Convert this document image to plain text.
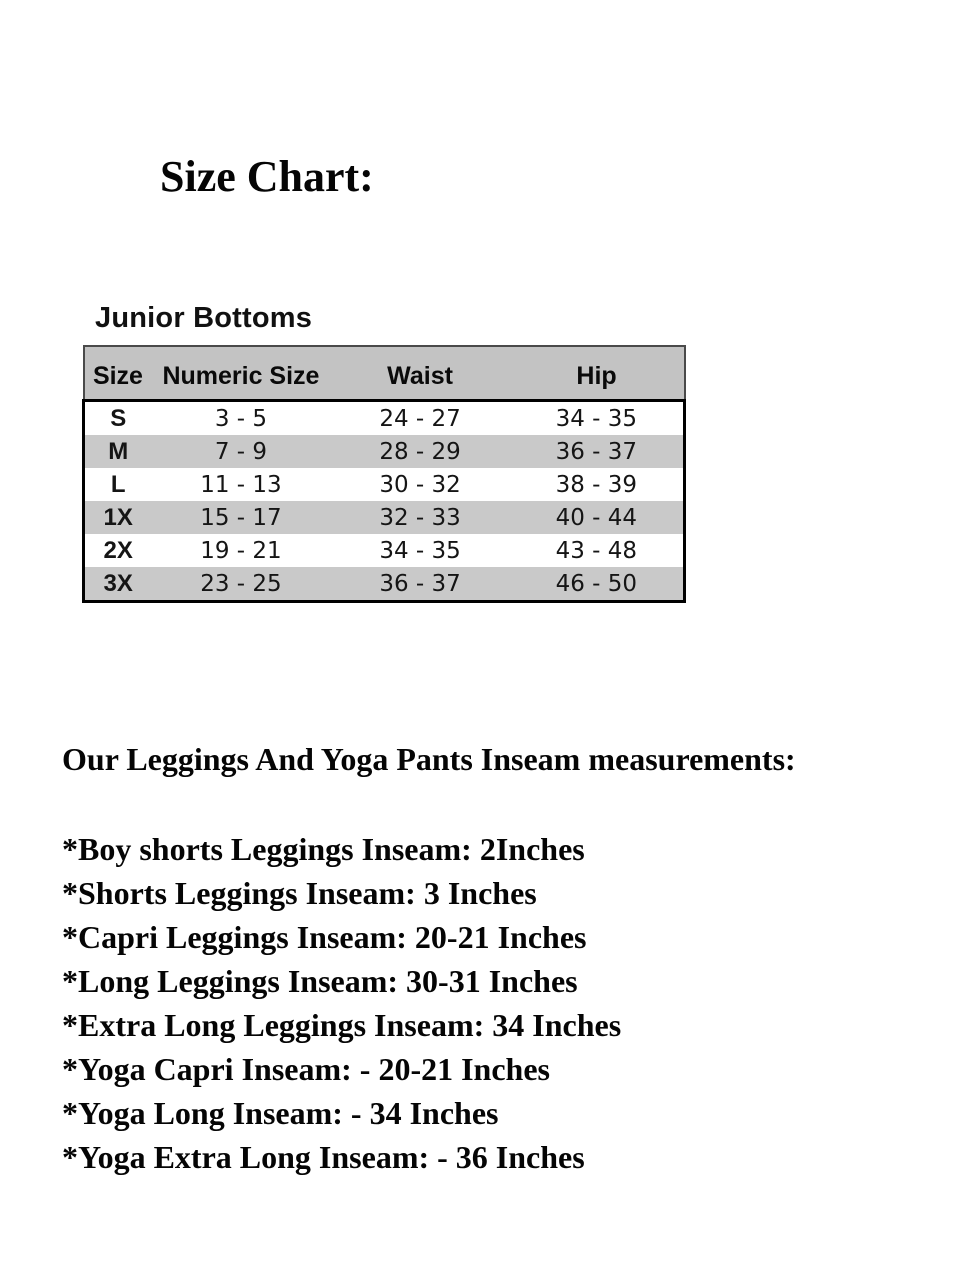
Size Chart:
Junior Bottoms
Size	Numeric Size	Waist	Hip
S	3 - 5	24 - 27	34 - 35
M	7 - 9	28 - 29	36 - 37
L	11 - 13	30 - 32	38 - 39
1X	15 - 17	32 - 33	40 - 44
2X	19 - 21	34 - 35	43 - 48
3X	23 - 25	36 - 37	46 - 50

Our Leggings And Yoga Pants Inseam measurements:

*Boy shorts Leggings Inseam: 2Inches

*Shorts Leggings Inseam: 3 Inches

*Capri Leggings Inseam: 20-21 Inches

*Long Leggings Inseam: 30-31 Inches

*Extra Long Leggings Inseam: 34 Inches

*Yoga Capri Inseam: - 20-21 Inches

*Yoga Long Inseam: - 34 Inches

*Yoga Extra Long Inseam: - 36 Inches
